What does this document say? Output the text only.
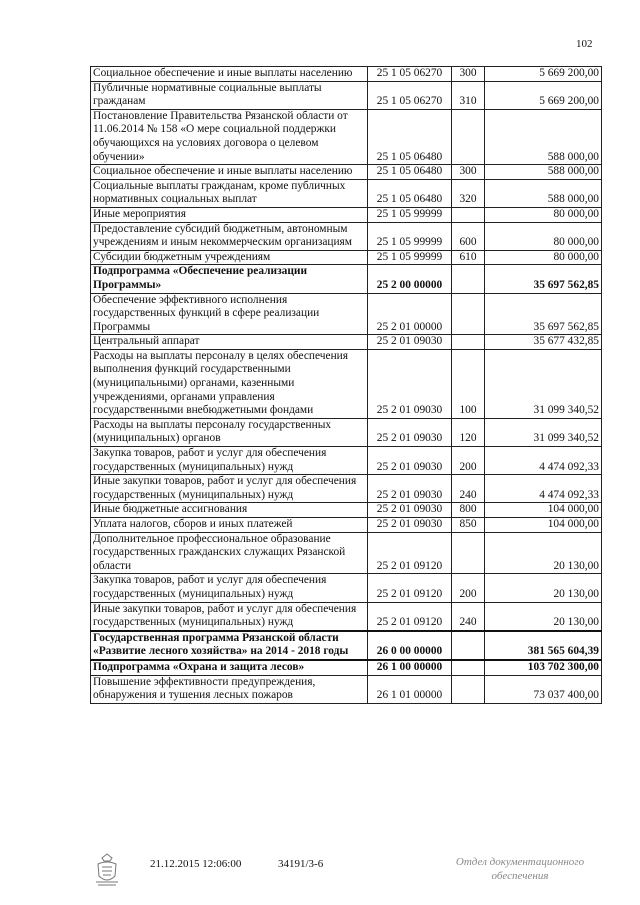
102
Социальное обеспечение и иные выплаты населению	25 1 05 06270	300	5 669 200,00
Публичные нормативные социальные выплаты гражданам	25 1 05 06270	310	5 669 200,00
Постановление Правительства Рязанской области от 11.06.2014 № 158 «О мере социальной поддержки обучающихся на условиях договора о целевом обучении»	25 1 05 06480		588 000,00
Социальное обеспечение и иные выплаты населению	25 1 05 06480	300	588 000,00
Социальные выплаты гражданам, кроме публичных нормативных социальных выплат	25 1 05 06480	320	588 000,00
Иные мероприятия	25 1 05 99999		80 000,00
Предоставление субсидий бюджетным, автономным учреждениям и иным некоммерческим организациям	25 1 05 99999	600	80 000,00
Субсидии бюджетным учреждениям	25 1 05 99999	610	80 000,00
Подпрограмма «Обеспечение реализации Программы»	25 2 00 00000		35 697 562,85
Обеспечение эффективного исполнения государственных функций в сфере реализации Программы	25 2 01 00000		35 697 562,85
Центральный аппарат	25 2 01 09030		35 677 432,85
Расходы на выплаты персоналу в целях обеспечения выполнения функций государственными (муниципальными) органами, казенными учреждениями, органами управления государственными внебюджетными фондами	25 2 01 09030	100	31 099 340,52
Расходы на выплаты персоналу государственных (муниципальных) органов	25 2 01 09030	120	31 099 340,52
Закупка товаров, работ и услуг для обеспечения государственных (муниципальных) нужд	25 2 01 09030	200	4 474 092,33
Иные закупки товаров, работ и услуг для обеспечения государственных (муниципальных) нужд	25 2 01 09030	240	4 474 092,33
Иные бюджетные ассигнования	25 2 01 09030	800	104 000,00
Уплата налогов, сборов и иных платежей	25 2 01 09030	850	104 000,00
Дополнительное профессиональное образование государственных гражданских служащих Рязанской области	25 2 01 09120		20 130,00
Закупка товаров, работ и услуг для обеспечения государственных (муниципальных) нужд	25 2 01 09120	200	20 130,00
Иные закупки товаров, работ и услуг для обеспечения государственных (муниципальных) нужд	25 2 01 09120	240	20 130,00
Государственная программа Рязанской области «Развитие лесного хозяйства» на 2014 - 2018 годы	26 0 00 00000		381 565 604,39
Подпрограмма «Охрана и защита лесов»	26 1 00 00000		103 702 300,00
Повышение эффективности предупреждения, обнаружения и тушения лесных пожаров	26 1 01 00000		73 037 400,00
21.12.2015 12:06:00	34191/3-6	Отдел документационного
обеспечения
